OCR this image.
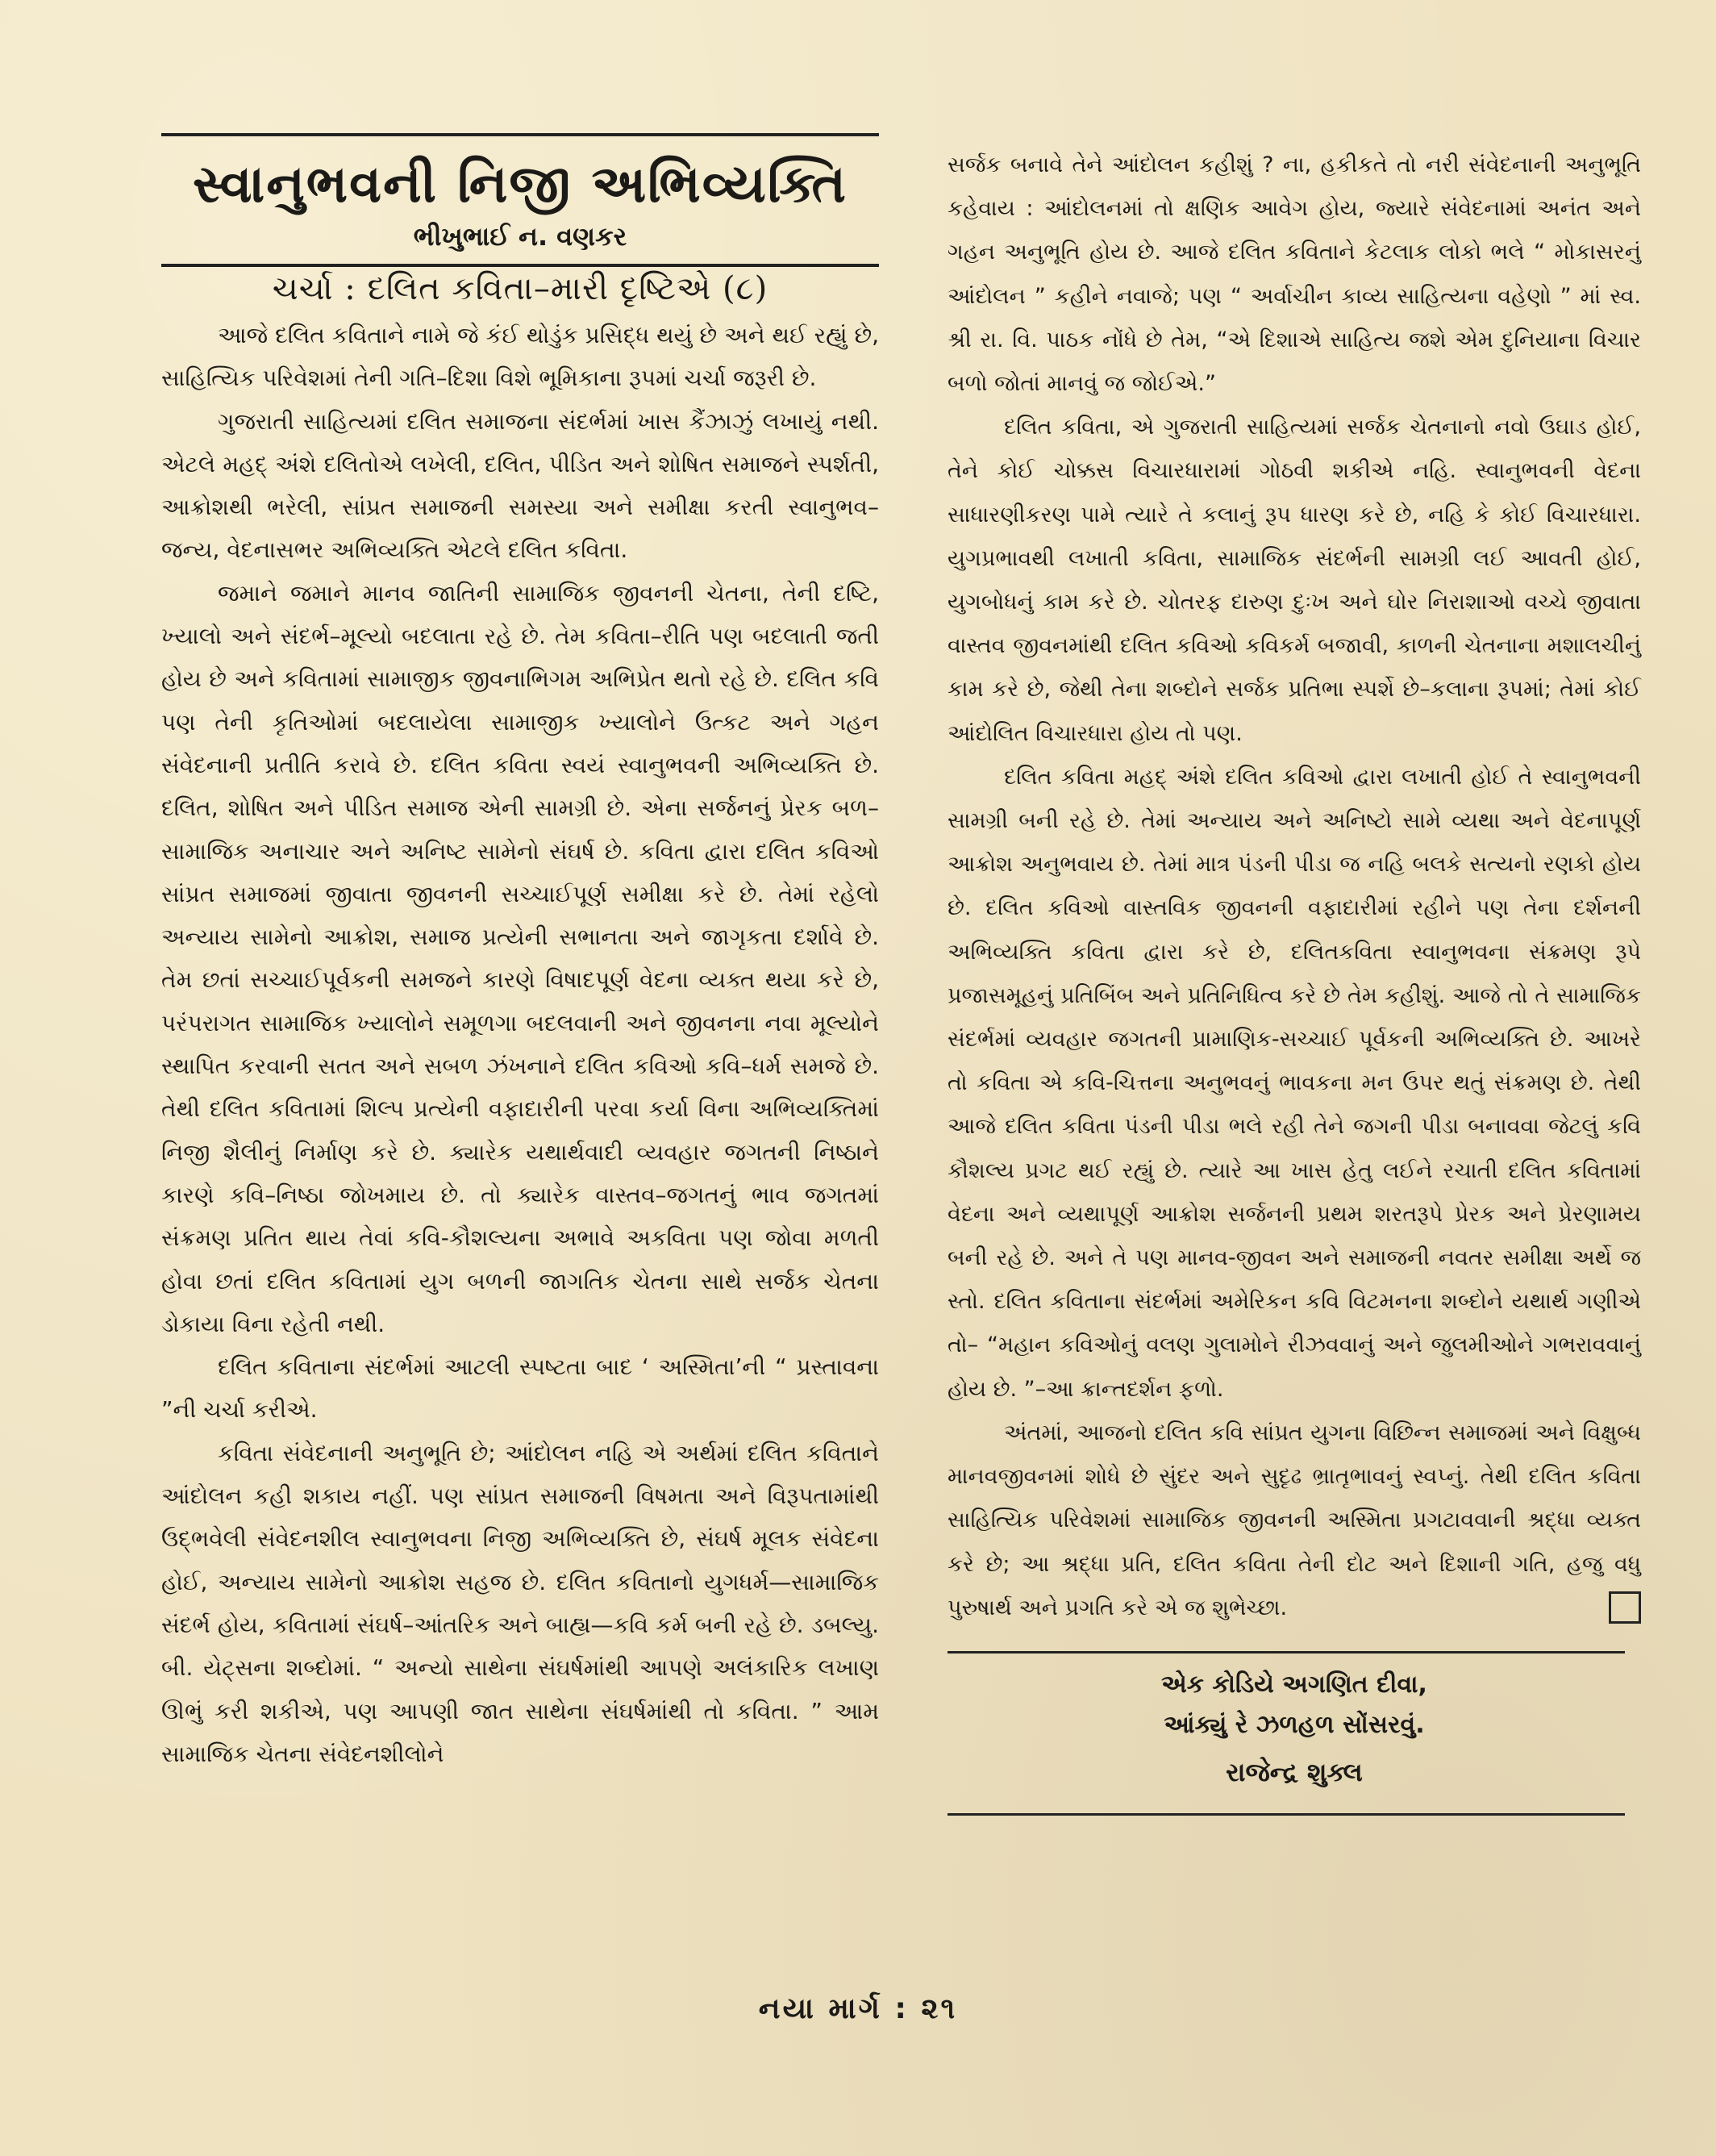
સ્વાનુભવની નિજી અભિવ્યક્તિ
ભીખુભાઈ ન. વણકર
ચર્ચા : દલિત કવિતા–મારી દૃષ્ટિએ (૮)

આજે દલિત કવિતાને નામે જે કંઈ થોડુંક પ્રસિદ્ધ થયું છે અને થઈ રહ્યું છે, સાહિત્યિક પરિવેશમાં તેની ગતિ–દિશા વિશે ભૂમિકાના રૂપમાં ચર્ચા જરૂરી છે.

ગુજરાતી સાહિત્યમાં દલિત સમાજના સંદર્ભમાં ખાસ કૈંઝાઝું લખાયું નથી. એટલે મહદ્ અંશે દલિતોએ લખેલી, દલિત, પીડિત અને શોષિત સમાજને સ્પર્શતી, આક્રોશથી ભરેલી, સાંપ્રત સમાજની સમસ્યા અને સમીક્ષા કરતી સ્વાનુભવ–જન્ય, વેદનાસભર અભિવ્યક્તિ એટલે દલિત કવિતા.

જમાને જમાને માનવ જાતિની સામાજિક જીવનની ચેતના, તેની દષ્ટિ, ખ્યાલો અને સંદર્ભ–મૂલ્યો બદલાતા રહે છે. તેમ કવિતા–રીતિ પણ બદલાતી જતી હોય છે અને કવિતામાં સામાજીક જીવનાભિગમ અભિપ્રેત થતો રહે છે. દલિત કવિ પણ તેની કૃતિઓમાં બદલાયેલા સામાજીક ખ્યાલોને ઉત્કટ અને ગહન સંવેદનાની પ્રતીતિ કરાવે છે. દલિત કવિતા સ્વયં સ્વાનુભવની અભિવ્યક્તિ છે. દલિત, શોષિત અને પીડિત સમાજ એની સામગ્રી છે. એના સર્જનનું પ્રેરક બળ–સામાજિક અનાચાર અને અનિષ્ટ સામેનો સંઘર્ષ છે. કવિતા દ્વારા દલિત કવિઓ સાંપ્રત સમાજમાં જીવાતા જીવનની સચ્ચાઈપૂર્ણ સમીક્ષા કરે છે. તેમાં રહેલો અન્યાય સામેનો આક્રોશ, સમાજ પ્રત્યેની સભાનતા અને જાગૃકતા દર્શાવે છે. તેમ છતાં સચ્ચાઈપૂર્વકની સમજને કારણે વિષાદપૂર્ણ વેદના વ્યક્ત થયા કરે છે, પરંપરાગત સામાજિક ખ્યાલોને સમૂળગા બદલવાની અને જીવનના નવા મૂલ્યોને સ્થાપિત કરવાની સતત અને સબળ ઝંખનાને દલિત કવિઓ કવિ–ધર્મ સમજે છે. તેથી દલિત કવિતામાં શિલ્પ પ્રત્યેની વફાદારીની પરવા કર્યા વિના અભિવ્યક્તિમાં નિજી શૈલીનું નિર્માણ કરે છે. ક્યારેક યથાર્થવાદી વ્યવહાર જગતની નિષ્ઠાને કારણે કવિ–નિષ્ઠા જોખમાય છે. તો ક્યારેક વાસ્તવ–જગતનું ભાવ જગતમાં સંક્રમણ પ્રતિત થાય તેવાં કવિ-કૌશલ્યના અભાવે અકવિતા પણ જોવા મળતી હોવા છતાં દલિત કવિતામાં યુગ બળની જાગતિક ચેતના સાથે સર્જક ચેતના ડોકાયા વિના રહેતી નથી.

દલિત કવિતાના સંદર્ભમાં આટલી સ્પષ્ટતા બાદ ‘ અસ્મિતા’ની “ પ્રસ્તાવના ”ની ચર્ચા કરીએ.

કવિતા સંવેદનાની અનુભૂતિ છે; આંદોલન નહિ એ અર્થમાં દલિત કવિતાને આંદોલન કહી શકાય નહીં. પણ સાંપ્રત સમાજની વિષમતા અને વિરૂપતામાંથી ઉદ્ભવેલી સંવેદનશીલ સ્વાનુભવના નિજી અભિવ્યક્તિ છે, સંઘર્ષ મૂલક સંવેદના હોઈ, અન્યાય સામેનો આક્રોશ સહજ છે. દલિત કવિતાનો યુગધર્મ—સામાજિક સંદર્ભ હોય, કવિતામાં સંઘર્ષ–આંતરિક અને બાહ્ય—કવિ કર્મ બની રહે છે. ડબલ્યુ. બી. યેટ્સના શબ્દોમાં. “ અન્યો સાથેના સંઘર્ષમાંથી આપણે અલંકારિક લખાણ ઊભું કરી શકીએ, પણ આપણી જાત સાથેના સંઘર્ષમાંથી તો કવિતા. ” આમ સામાજિક ચેતના સંવેદનશીલોને

સર્જક બનાવે તેને આંદોલન કહીશું ? ના, હકીકતે તો નરી સંવેદનાની અનુભૂતિ કહેવાય : આંદોલનમાં તો ક્ષણિક આવેગ હોય, જ્યારે સંવેદનામાં અનંત અને ગહન અનુભૂતિ હોય છે. આજે દલિત કવિતાને કેટલાક લોકો ભલે “ મોકાસરનું આંદોલન ” કહીને નવાજે; પણ “ અર્વાચીન કાવ્ય સાહિત્યના વહેણો ” માં સ્વ. શ્રી રા. વિ. પાઠક નોંધે છે તેમ, “એ દિશાએ સાહિત્ય જશે એમ દુનિયાના વિચાર બળો જોતાં માનવું જ જોઈએ.”

દલિત કવિતા, એ ગુજરાતી સાહિત્યમાં સર્જક ચેતનાનો નવો ઉઘાડ હોઈ, તેને કોઈ ચોક્કસ વિચારધારામાં ગોઠવી શકીએ નહિ. સ્વાનુભવની વેદના સાધારણીકરણ પામે ત્યારે તે કલાનું રૂપ ધારણ કરે છે, નહિ કે કોઈ વિચારધારા. યુગપ્રભાવથી લખાતી કવિતા, સામાજિક સંદર્ભની સામગ્રી લઈ આવતી હોઈ, યુગબોધનું કામ કરે છે. ચોતરફ દારુણ દુઃખ અને ઘોર નિરાશાઓ વચ્ચે જીવાતા વાસ્તવ જીવનમાંથી દલિત કવિઓ કવિકર્મ બજાવી, કાળની ચેતનાના મશાલચીનું કામ કરે છે, જેથી તેના શબ્દોને સર્જક પ્રતિભા સ્પર્શે છે–કલાના રૂપમાં; તેમાં કોઈ આંદોલિત વિચારધારા હોય તો પણ.

દલિત કવિતા મહદ્ અંશે દલિત કવિઓ દ્વારા લખાતી હોઈ તે સ્વાનુભવની સામગ્રી બની રહે છે. તેમાં અન્યાય અને અનિષ્ટો સામે વ્યથા અને વેદનાપૂર્ણ આક્રોશ અનુભવાય છે. તેમાં માત્ર પંડની પીડા જ નહિ બલકે સત્યનો રણકો હોય છે. દલિત કવિઓ વાસ્તવિક જીવનની વફાદારીમાં રહીને પણ તેના દર્શનની અભિવ્યક્તિ કવિતા દ્વારા કરે છે, દલિતકવિતા સ્વાનુભવના સંક્રમણ રૂપે પ્રજાસમૂહનું પ્રતિબિંબ અને પ્રતિનિધિત્વ કરે છે તેમ કહીશું. આજે તો તે સામાજિક સંદર્ભમાં વ્યવહાર જગતની પ્રામાણિક-સચ્ચાઈ પૂર્વકની અભિવ્યક્તિ છે. આખરે તો કવિતા એ કવિ-ચિત્તના અનુભવનું ભાવકના મન ઉપર થતું સંક્રમણ છે. તેથી આજે દલિત કવિતા પંડની પીડા ભલે રહી તેને જગની પીડા બનાવવા જેટલું કવિ કૌશલ્ય પ્રગટ થઈ રહ્યું છે. ત્યારે આ ખાસ હેતુ લઈને રચાતી દલિત કવિતામાં વેદના અને વ્યથાપૂર્ણ આક્રોશ સર્જનની પ્રથમ શરતરૂપે પ્રેરક અને પ્રેરણામય બની રહે છે. અને તે પણ માનવ-જીવન અને સમાજની નવતર સમીક્ષા અર્થે જ સ્તો. દલિત કવિતાના સંદર્ભમાં અમેરિકન કવિ વિટમનના શબ્દોને યથાર્થ ગણીએ તો– “મહાન કવિઓનું વલણ ગુલામોને રીઝવવાનું અને જુલમીઓને ગભરાવવાનું હોય છે. ”–આ ક્રાન્તદર્શન ફળો.

અંતમાં, આજનો દલિત કવિ સાંપ્રત યુગના વિછિન્ન સમાજમાં અને વિક્ષુબ્ધ માનવજીવનમાં શોધે છે સુંદર અને સુદૃઢ ભ્રાતૃભાવનું સ્વપ્નું. તેથી દલિત કવિતા સાહિત્યિક પરિવેશમાં સામાજિક જીવનની અસ્મિતા પ્રગટાવવાની શ્રદ્ધા વ્યક્ત કરે છે; આ શ્રદ્ધા પ્રતિ, દલિત કવિતા તેની દોટ અને દિશાની ગતિ, હજુ વધુ પુરુષાર્થ અને પ્રગતિ કરે એ જ શુભેચ્છા.

એક કોડિયે અગણિત દીવા,
આંક્યું રે ઝળહળ સોંસરવું.
રાજેન્દ્ર શુક્લ
નયા માર્ગ : ૨૧
